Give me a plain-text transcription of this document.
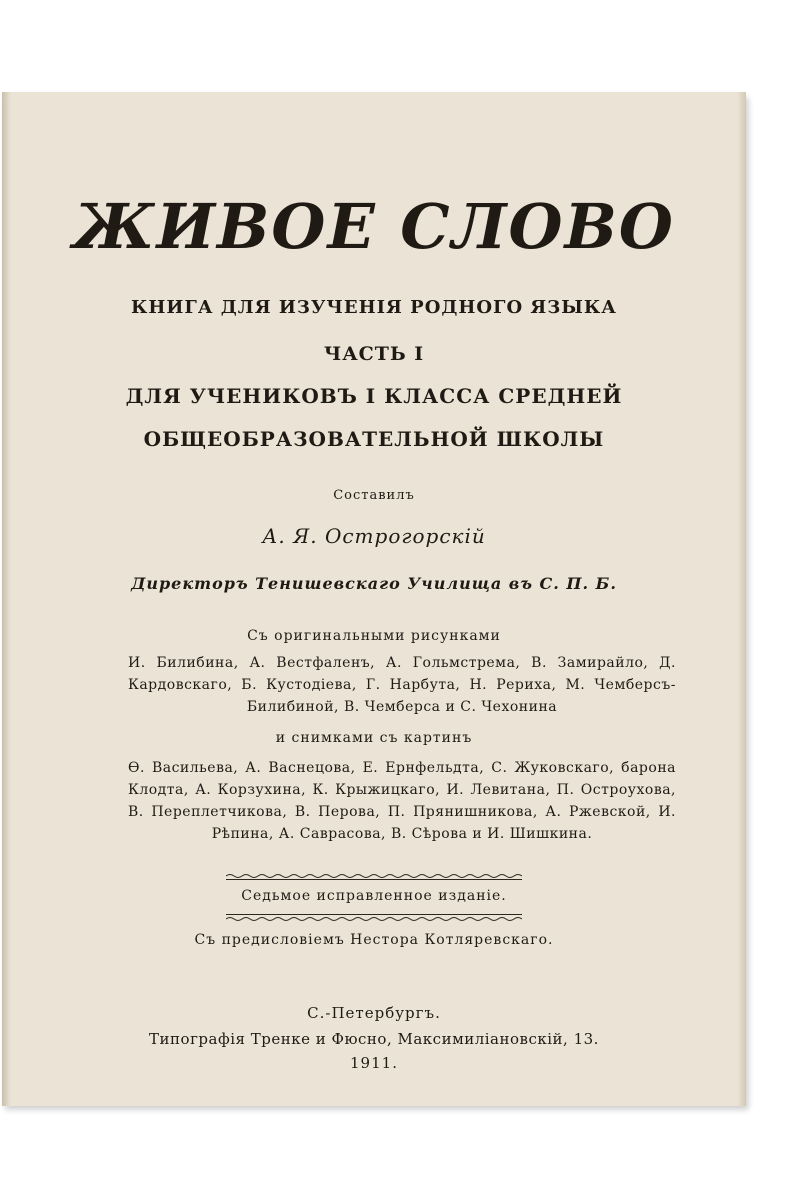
ЖИВОЕ СЛОВО

КНИГА ДЛЯ ИЗУЧЕНІЯ РОДНОГО ЯЗЫКА

ЧАСТЬ I

ДЛЯ УЧЕНИКОВЪ I КЛАССА СРЕДНЕЙ

ОБЩЕОБРАЗОВАТЕЛЬНОЙ ШКОЛЫ

Составилъ

А. Я. Острогорскій

Директоръ Тенишевскаго Училища въ С. П. Б.

Съ оригинальными рисунками

И. Билибина, А. Вестфаленъ, А. Гольмстрема, В. Замирайло, Д. Кардовскаго, Б. Кустодіева, Г. Нарбута, Н. Рериха, М. Чемберсъ-Билибиной, В. Чемберса и С. Чехонина

и снимками съ картинъ

Ѳ. Васильева, А. Васнецова, Е. Ернфельдта, С. Жуковскаго, барона Клодта, А. Корзухина, К. Крыжицкаго, И. Левитана, П. Остроухова, В. Переплетчикова, В. Перова, П. Прянишникова, А. Ржевской, И. Рѣпина, А. Саврасова, В. Сѣрова и И. Шишкина.

Седьмое исправленное изданіе.

Съ предисловіемъ Нестора Котляревскаго.

С.-Петербургъ.

Типографія Тренке и Фюсно, Максимиліановскій, 13.

1911.
